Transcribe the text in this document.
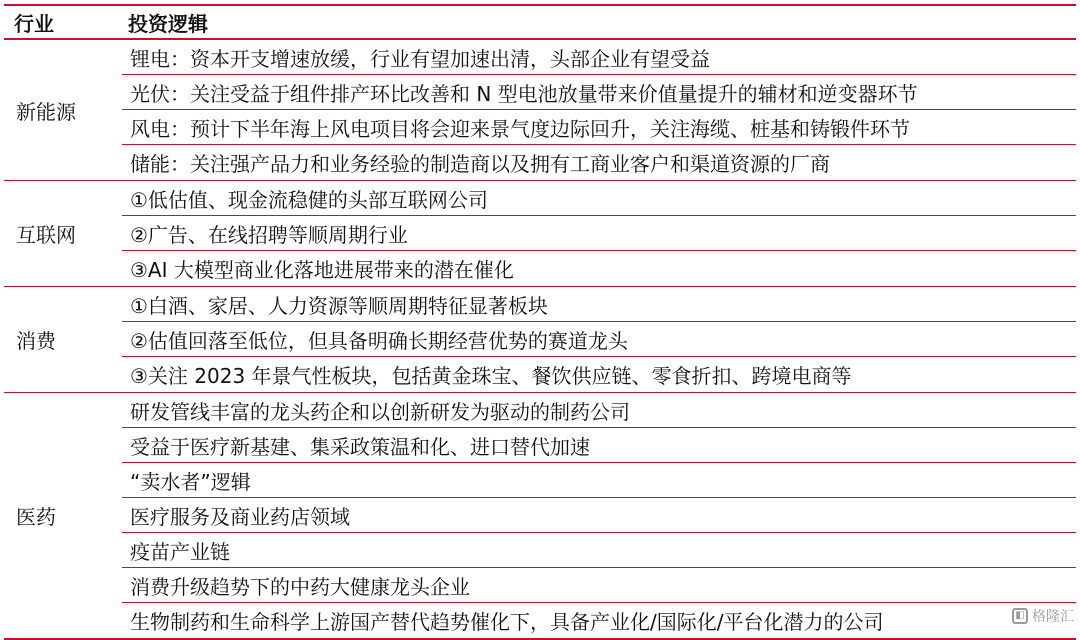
行业	投资逻辑
新能源
锂电：资本开支增速放缓，行业有望加速出清，头部企业有望受益
光伏：关注受益于组件排产环比改善和 N 型电池放量带来价值量提升的辅材和逆变器环节
风电：预计下半年海上风电项目将会迎来景气度边际回升，关注海缆、桩基和铸锻件环节
储能：关注强产品力和业务经验的制造商以及拥有工商业客户和渠道资源的厂商
互联网
①低估值、现金流稳健的头部互联网公司
②广告、在线招聘等顺周期行业
③AI 大模型商业化落地进展带来的潜在催化
消费
①白酒、家居、人力资源等顺周期特征显著板块
②估值回落至低位，但具备明确长期经营优势的赛道龙头
③关注 2023 年景气性板块，包括黄金珠宝、餐饮供应链、零食折扣、跨境电商等
医药
研发管线丰富的龙头药企和以创新研发为驱动的制药公司
受益于医疗新基建、集采政策温和化、进口替代加速
“卖水者”逻辑
医疗服务及商业药店领域
疫苗产业链
消费升级趋势下的中药大健康龙头企业
生物制药和生命科学上游国产替代趋势催化下，具备产业化/国际化/平台化潜力的公司	◧ 格隆汇
